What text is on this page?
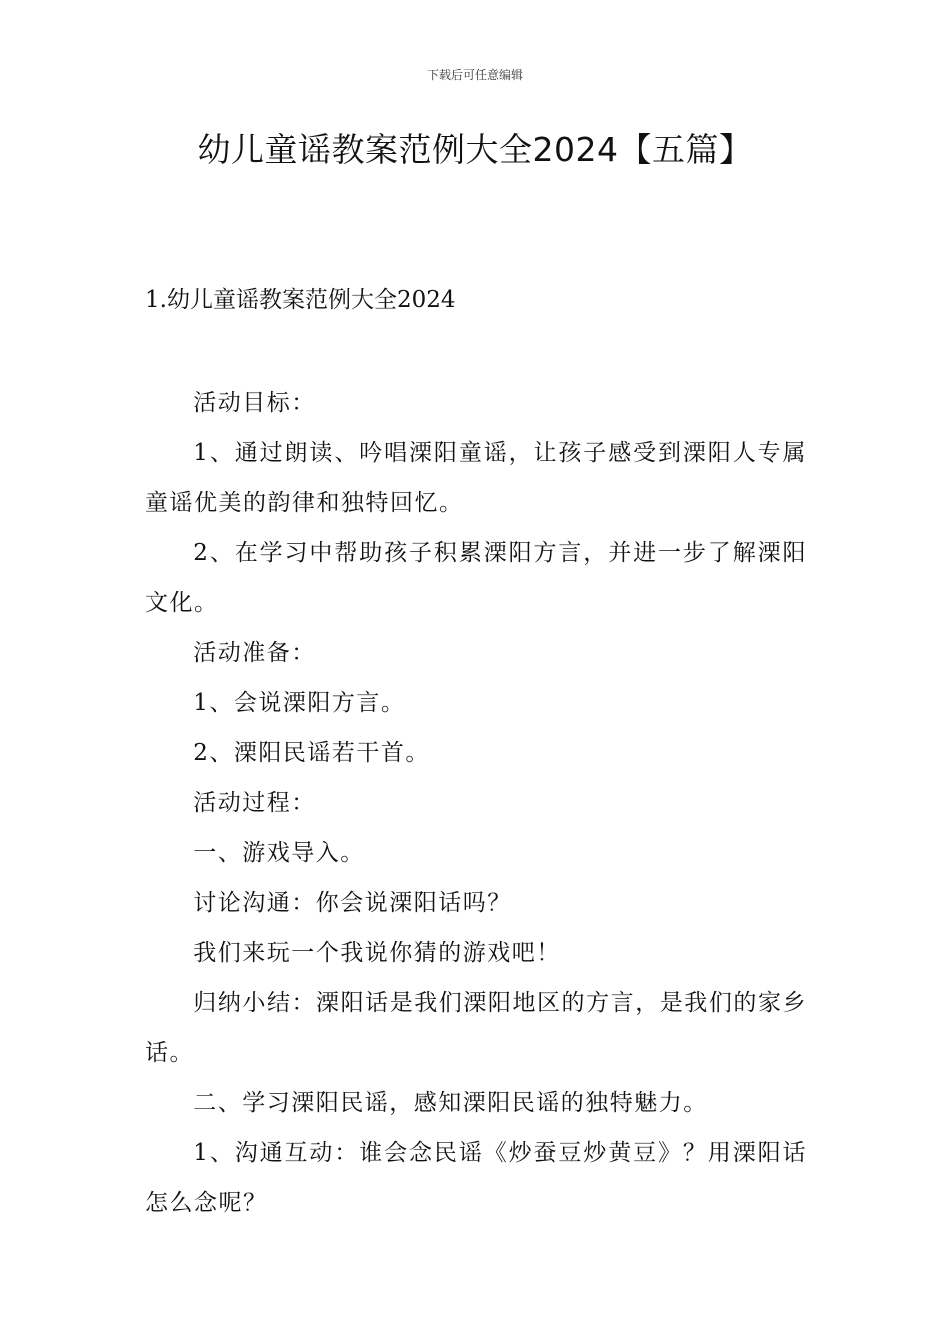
下载后可任意编辑
幼儿童谣教案范例大全2024【五篇】
1.幼儿童谣教案范例大全2024

活动目标：

1、通过朗读、吟唱溧阳童谣，让孩子感受到溧阳人专属童谣优美的韵律和独特回忆。

2、在学习中帮助孩子积累溧阳方言，并进一步了解溧阳文化。

活动准备：

1、会说溧阳方言。

2、溧阳民谣若干首。

活动过程：

一、游戏导入。

讨论沟通：你会说溧阳话吗？

我们来玩一个我说你猜的游戏吧！

归纳小结：溧阳话是我们溧阳地区的方言，是我们的家乡话。

二、学习溧阳民谣，感知溧阳民谣的独特魅力。

1、沟通互动：谁会念民谣《炒蚕豆炒黄豆》？用溧阳话怎么念呢？
